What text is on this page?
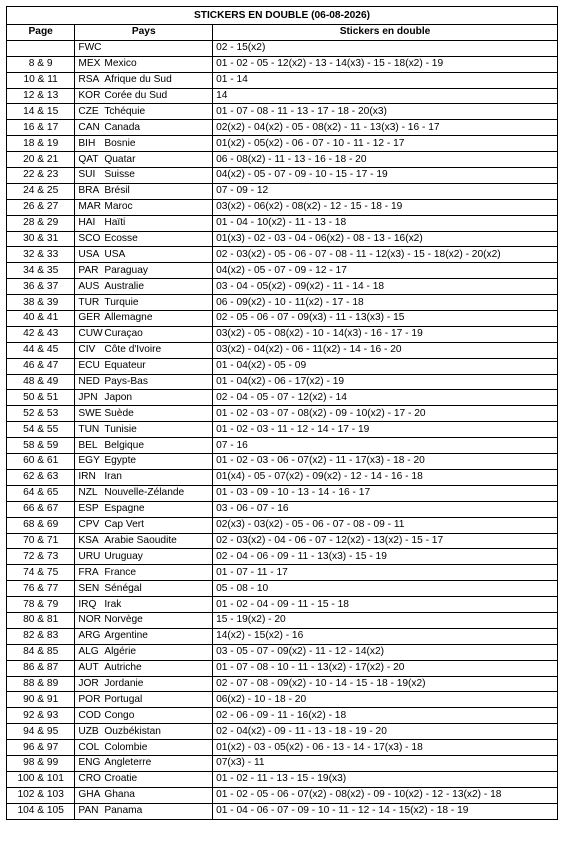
STICKERS EN DOUBLE (06-08-2026)		
Page	Pays	Stickers en double
	FWC	02 - 15(x2)
8 & 9	MEX Mexico	01 - 02 - 05 - 12(x2) - 13 - 14(x3) - 15 - 18(x2) - 19
10 & 11	RSA Afrique du Sud	01 - 14
12 & 13	KOR Corée du Sud	14
14 & 15	CZE Tchéquie	01 - 07 - 08 - 11 - 13 - 17 - 18 - 20(x3)
16 & 17	CAN Canada	02(x2) - 04(x2) - 05 - 08(x2) - 11 - 13(x3) - 16 - 17
18 & 19	BIH Bosnie	01(x2) - 05(x2) - 06 - 07 - 10 - 11 - 12 - 17
20 & 21	QAT Quatar	06 - 08(x2) - 11 - 13 - 16 - 18 - 20
22 & 23	SUI Suisse	04(x2) - 05 - 07 - 09 - 10 - 15 - 17 - 19
24 & 25	BRA Brésil	07 - 09 - 12
26 & 27	MAR Maroc	03(x2) - 06(x2) - 08(x2) - 12 - 15 - 18 - 19
28 & 29	HAI Haïti	01 - 04 - 10(x2) - 11 - 13 - 18
30 & 31	SCO Ecosse	01(x3) - 02 - 03 - 04 - 06(x2) - 08 - 13 - 16(x2)
32 & 33	USA USA	02 - 03(x2) - 05 - 06 - 07 - 08 - 11 - 12(x3) - 15 - 18(x2) - 20(x2)
34 & 35	PAR Paraguay	04(x2) - 05 - 07 - 09 - 12 - 17
36 & 37	AUS Australie	03 - 04 - 05(x2) - 09(x2) - 11 - 14 - 18
38 & 39	TUR Turquie	06 - 09(x2) - 10 - 11(x2) - 17 - 18
40 & 41	GER Allemagne	02 - 05 - 06 - 07 - 09(x3) - 11 - 13(x3) - 15
42 & 43	CUW Curaçao	03(x2) - 05 - 08(x2) - 10 - 14(x3) - 16 - 17 - 19
44 & 45	CIV Côte d'Ivoire	03(x2) - 04(x2) - 06 - 11(x2) - 14 - 16 - 20
46 & 47	ECU Equateur	01 - 04(x2) - 05 - 09
48 & 49	NED Pays-Bas	01 - 04(x2) - 06 - 17(x2) - 19
50 & 51	JPN Japon	02 - 04 - 05 - 07 - 12(x2) - 14
52 & 53	SWE Suède	01 - 02 - 03 - 07 - 08(x2) - 09 - 10(x2) - 17 - 20
54 & 55	TUN Tunisie	01 - 02 - 03 - 11 - 12 - 14 - 17 - 19
58 & 59	BEL Belgique	07 - 16
60 & 61	EGY Egypte	01 - 02 - 03 - 06 - 07(x2) - 11 - 17(x3) - 18 - 20
62 & 63	IRN Iran	01(x4) - 05 - 07(x2) - 09(x2) - 12 - 14 - 16 - 18
64 & 65	NZL Nouvelle-Zélande	01 - 03 - 09 - 10 - 13 - 14 - 16 - 17
66 & 67	ESP Espagne	03 - 06 - 07 - 16
68 & 69	CPV Cap Vert	02(x3) - 03(x2) - 05 - 06 - 07 - 08 - 09 - 11
70 & 71	KSA Arabie Saoudite	02 - 03(x2) - 04 - 06 - 07 - 12(x2) - 13(x2) - 15 - 17
72 & 73	URU Uruguay	02 - 04 - 06 - 09 - 11 - 13(x3) - 15 - 19
74 & 75	FRA France	01 - 07 - 11 - 17
76 & 77	SEN Sénégal	05 - 08 - 10
78 & 79	IRQ Irak	01 - 02 - 04 - 09 - 11 - 15 - 18
80 & 81	NOR Norvège	15 - 19(x2) - 20
82 & 83	ARG Argentine	14(x2) - 15(x2) - 16
84 & 85	ALG Algérie	03 - 05 - 07 - 09(x2) - 11 - 12 - 14(x2)
86 & 87	AUT Autriche	01 - 07 - 08 - 10 - 11 - 13(x2) - 17(x2) - 20
88 & 89	JOR Jordanie	02 - 07 - 08 - 09(x2) - 10 - 14 - 15 - 18 - 19(x2)
90 & 91	POR Portugal	06(x2) - 10 - 18 - 20
92 & 93	COD Congo	02 - 06 - 09 - 11 - 16(x2) - 18
94 & 95	UZB Ouzbékistan	02 - 04(x2) - 09 - 11 - 13 - 18 - 19 - 20
96 & 97	COL Colombie	01(x2) - 03 - 05(x2) - 06 - 13 - 14 - 17(x3) - 18
98 & 99	ENG Angleterre	07(x3) - 11
100 & 101	CRO Croatie	01 - 02 - 11 - 13 - 15 - 19(x3)
102 & 103	GHA Ghana	01 - 02 - 05 - 06 - 07(x2) - 08(x2) - 09 - 10(x2) - 12 - 13(x2) - 18
104 & 105	PAN Panama	01 - 04 - 06 - 07 - 09 - 10 - 11 - 12 - 14 - 15(x2) - 18 - 19
